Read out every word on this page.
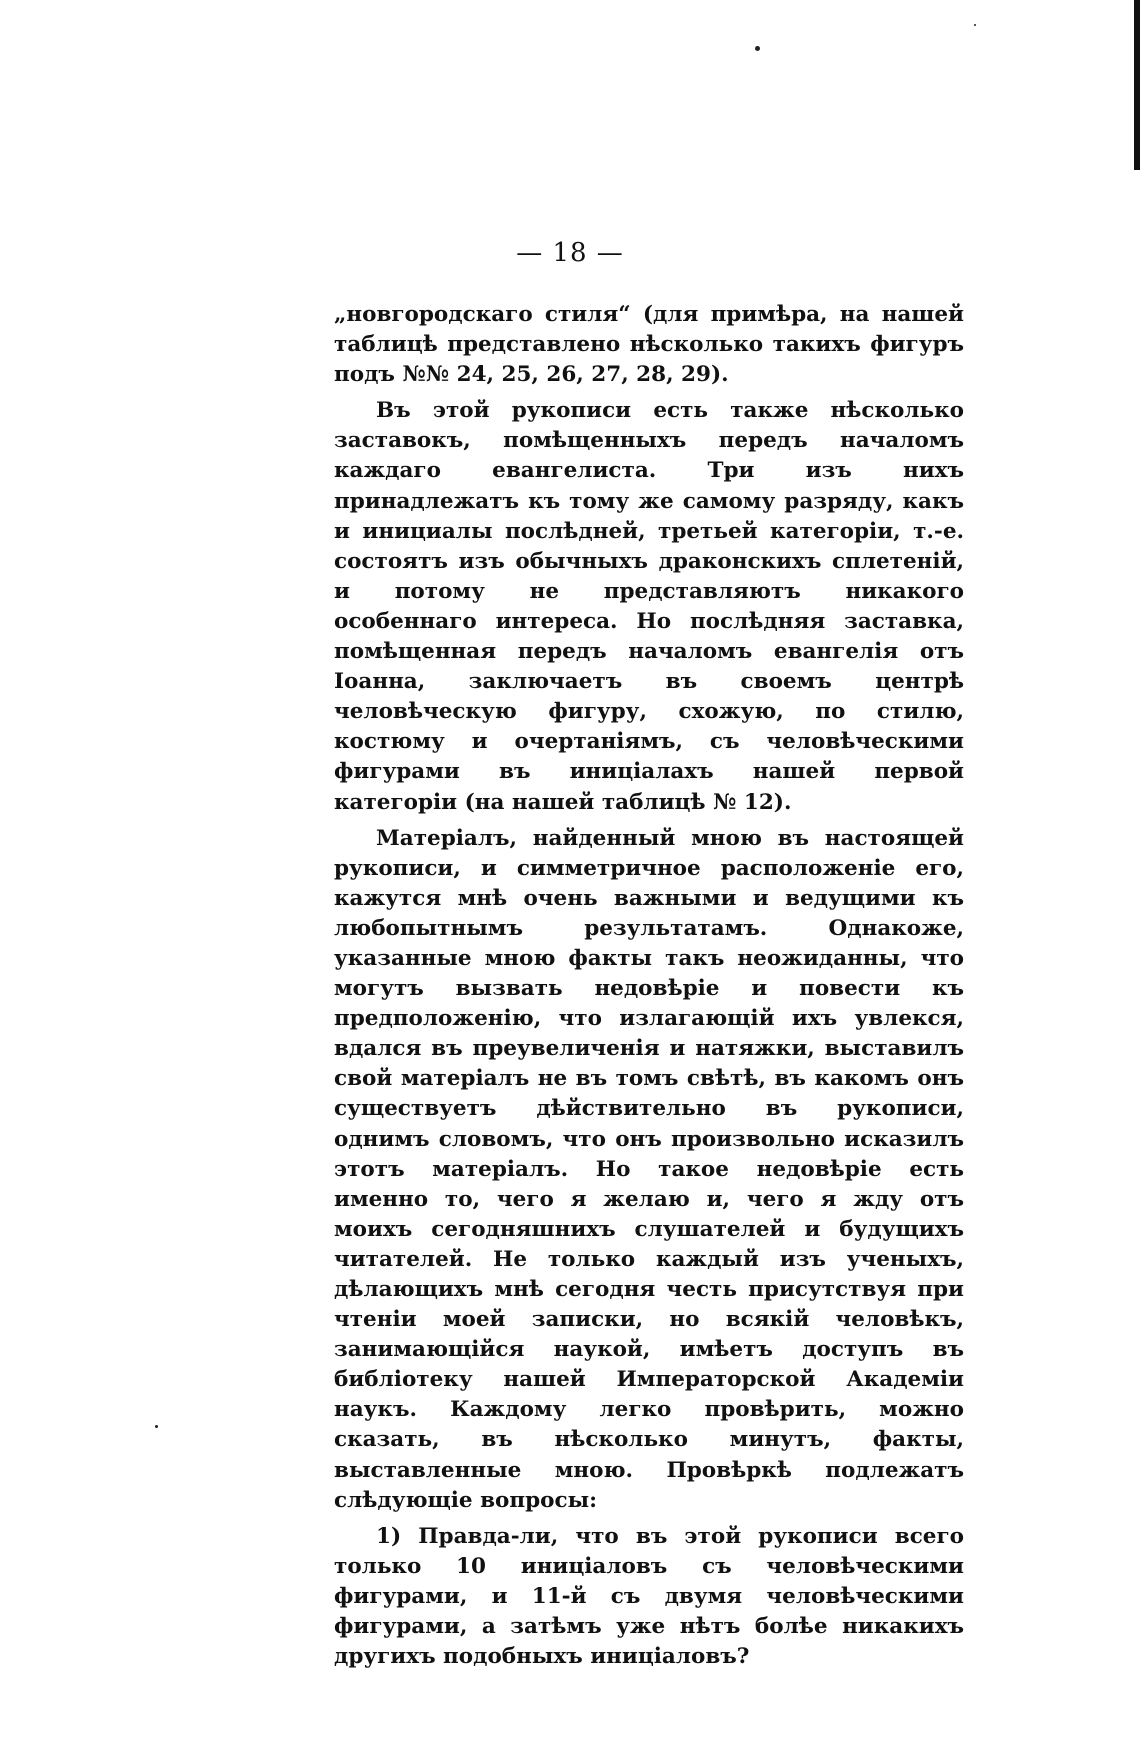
— 18 —

„новгородскаго стиля“ (для примѣра, на нашей таблицѣ представлено нѣсколько такихъ фигуръ подъ №№ 24, 25, 26, 27, 28, 29).

Въ этой рукописи есть также нѣсколько заставокъ, помѣщенныхъ передъ началомъ каждаго евангелиста. Три изъ нихъ принадлежатъ къ тому же самому разряду, какъ и инициалы послѣдней, третьей категоріи, т.-е. состоятъ изъ обычныхъ драконскихъ сплетеній, и потому не представляютъ никакого особеннаго интереса. Но послѣдняя заставка, помѣщенная передъ началомъ евангелія отъ Іоанна, заключаетъ въ своемъ центрѣ человѣческую фигуру, схожую, по стилю, костюму и очертаніямъ, съ человѣческими фигурами въ иниціалахъ нашей первой категоріи (на нашей таблицѣ № 12).

Матеріалъ, найденный мною въ настоящей рукописи, и симметричное расположеніе его, кажутся мнѣ очень важными и ведущими къ любопытнымъ результатамъ. Однакоже, указанные мною факты такъ неожиданны, что могутъ вызвать недовѣріе и повести къ предположенію, что излагающій ихъ увлекся, вдался въ преувеличенія и натяжки, выставилъ свой матеріалъ не въ томъ свѣтѣ, въ какомъ онъ существуетъ дѣйствительно въ рукописи, однимъ словомъ, что онъ произвольно исказилъ этотъ матеріалъ. Но такое недовѣріе есть именно то, чего я желаю и, чего я жду отъ моихъ сегодняшнихъ слушателей и будущихъ читателей. Не только каждый изъ ученыхъ, дѣлающихъ мнѣ сегодня честь присутствуя при чтеніи моей записки, но всякій человѣкъ, занимающійся наукой, имѣетъ доступъ въ библіотеку нашей Императорской Академіи наукъ. Каждому легко провѣрить, можно сказать, въ нѣсколько минутъ, факты, выставленные мною. Провѣркѣ подлежатъ слѣдующіе вопросы:

1) Правда-ли, что въ этой рукописи всего только 10 иниціаловъ съ человѣческими фигурами, и 11-й съ двумя человѣческими фигурами, а затѣмъ уже нѣтъ болѣе никакихъ другихъ подобныхъ иниціаловъ?
